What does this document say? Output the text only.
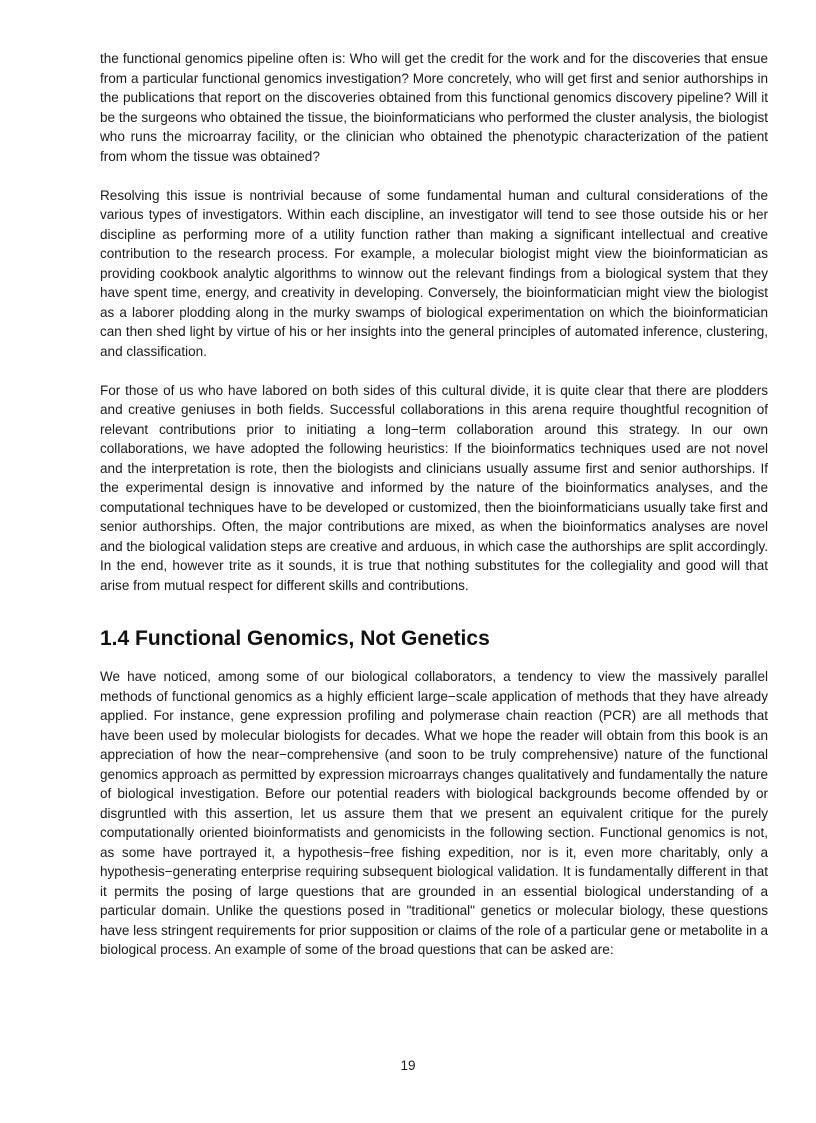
the functional genomics pipeline often is: Who will get the credit for the work and for the discoveries that ensue from a particular functional genomics investigation? More concretely, who will get first and senior authorships in the publications that report on the discoveries obtained from this functional genomics discovery pipeline? Will it be the surgeons who obtained the tissue, the bioinformaticians who performed the cluster analysis, the biologist who runs the microarray facility, or the clinician who obtained the phenotypic characterization of the patient from whom the tissue was obtained?

Resolving this issue is nontrivial because of some fundamental human and cultural considerations of the various types of investigators. Within each discipline, an investigator will tend to see those outside his or her discipline as performing more of a utility function rather than making a significant intellectual and creative contribution to the research process. For example, a molecular biologist might view the bioinformatician as providing cookbook analytic algorithms to winnow out the relevant findings from a biological system that they have spent time, energy, and creativity in developing. Conversely, the bioinformatician might view the biologist as a laborer plodding along in the murky swamps of biological experimentation on which the bioinformatician can then shed light by virtue of his or her insights into the general principles of automated inference, clustering, and classification.

For those of us who have labored on both sides of this cultural divide, it is quite clear that there are plodders and creative geniuses in both fields. Successful collaborations in this arena require thoughtful recognition of relevant contributions prior to initiating a long−term collaboration around this strategy. In our own collaborations, we have adopted the following heuristics: If the bioinformatics techniques used are not novel and the interpretation is rote, then the biologists and clinicians usually assume first and senior authorships. If the experimental design is innovative and informed by the nature of the bioinformatics analyses, and the computational techniques have to be developed or customized, then the bioinformaticians usually take first and senior authorships. Often, the major contributions are mixed, as when the bioinformatics analyses are novel and the biological validation steps are creative and arduous, in which case the authorships are split accordingly. In the end, however trite as it sounds, it is true that nothing substitutes for the collegiality and good will that arise from mutual respect for different skills and contributions.

1.4 Functional Genomics, Not Genetics

We have noticed, among some of our biological collaborators, a tendency to view the massively parallel methods of functional genomics as a highly efficient large−scale application of methods that they have already applied. For instance, gene expression profiling and polymerase chain reaction (PCR) are all methods that have been used by molecular biologists for decades. What we hope the reader will obtain from this book is an appreciation of how the near−comprehensive (and soon to be truly comprehensive) nature of the functional genomics approach as permitted by expression microarrays changes qualitatively and fundamentally the nature of biological investigation. Before our potential readers with biological backgrounds become offended by or disgruntled with this assertion, let us assure them that we present an equivalent critique for the purely computationally oriented bioinformatists and genomicists in the following section. Functional genomics is not, as some have portrayed it, a hypothesis−free fishing expedition, nor is it, even more charitably, only a hypothesis−generating enterprise requiring subsequent biological validation. It is fundamentally different in that it permits the posing of large questions that are grounded in an essential biological understanding of a particular domain. Unlike the questions posed in "traditional" genetics or molecular biology, these questions have less stringent requirements for prior supposition or claims of the role of a particular gene or metabolite in a biological process. An example of some of the broad questions that can be asked are:

19
